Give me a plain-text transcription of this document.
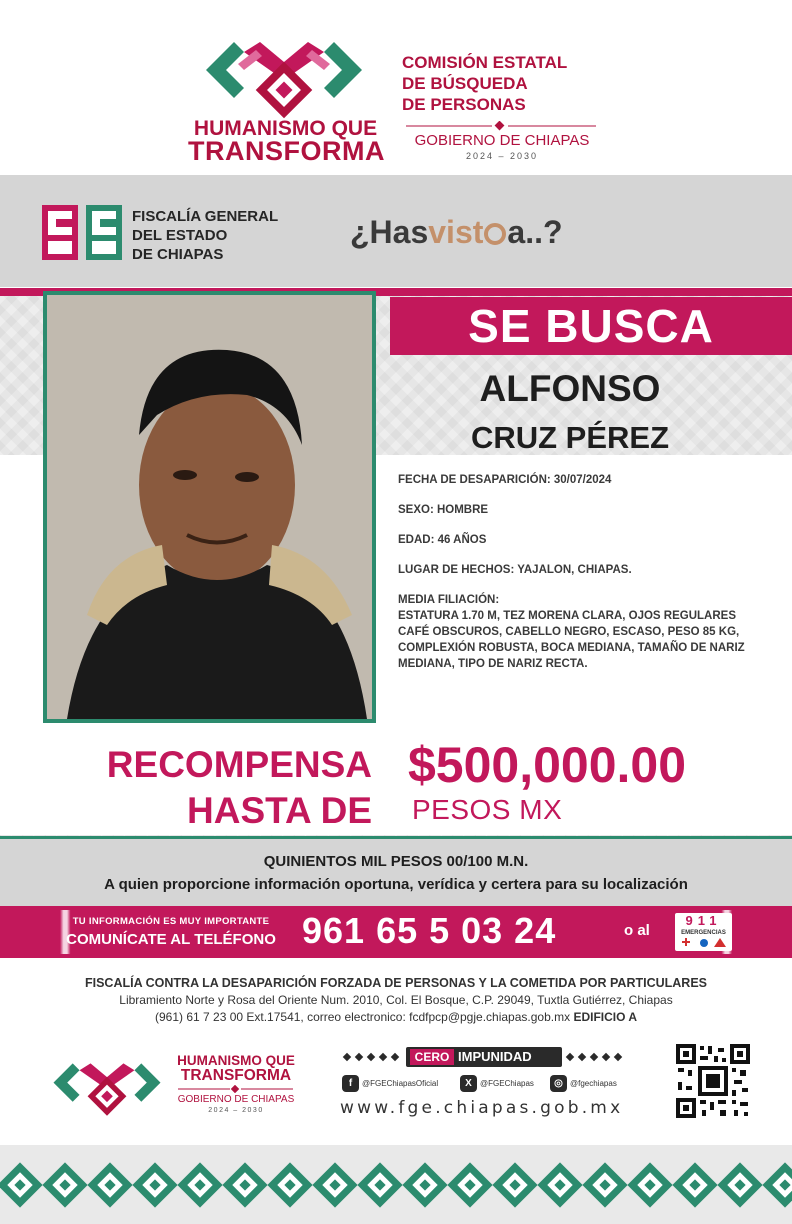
HUMANISMO QUE
TRANSFORMA
COMISIÓN ESTATAL
DE BÚSQUEDA
DE PERSONAS
GOBIERNO DE CHIAPAS
2024 – 2030
FISCALÍA GENERAL
DEL ESTADO
DE CHIAPAS
¿Hasvist a..?
SE BUSCA
ALFONSO
CRUZ PÉREZ
FECHA DE DESAPARICIÓN: 30/07/2024
SEXO: HOMBRE
EDAD: 46 AÑOS
LUGAR DE HECHOS: YAJALON, CHIAPAS.
MEDIA FILIACIÓN:
ESTATURA 1.70 M, TEZ MORENA CLARA, OJOS REGULARES CAFÉ OBSCUROS, CABELLO NEGRO, ESCASO, PESO 85 KG, COMPLEXIÓN ROBUSTA, BOCA MEDIANA, TAMAÑO DE NARIZ MEDIANA, TIPO DE NARIZ RECTA.
RECOMPENSA
HASTA DE
$500,000.00
PESOS MX
QUINIENTOS MIL PESOS 00/100 M.N.
A quien proporcione información oportuna, verídica y certera para su localización
TU INFORMACIÓN ES MUY IMPORTANTE
COMUNÍCATE AL TELÉFONO 961 65 5 03 24	o al
911
EMERGENCIAS
FISCALÍA CONTRA LA DESAPARICIÓN FORZADA DE PERSONAS Y LA COMETIDA POR PARTICULARES
Libramiento Norte y Rosa del Oriente Num. 2010, Col. El Bosque, C.P. 29049, Tuxtla Gutiérrez, Chiapas
(961) 61 7 23 00 Ext.17541, correo electronico: fcdfpcp@pgje.chiapas.gob.mx EDIFICIO A
HUMANISMO QUE
TRANSFORMA
GOBIERNO DE CHIAPAS
2024 – 2030
CERO IMPUNIDAD
f	@FGEChiapasOficial	X	@FGEChiapas	◎ @fgechiapas
www.fge.chiapas.gob.mx
